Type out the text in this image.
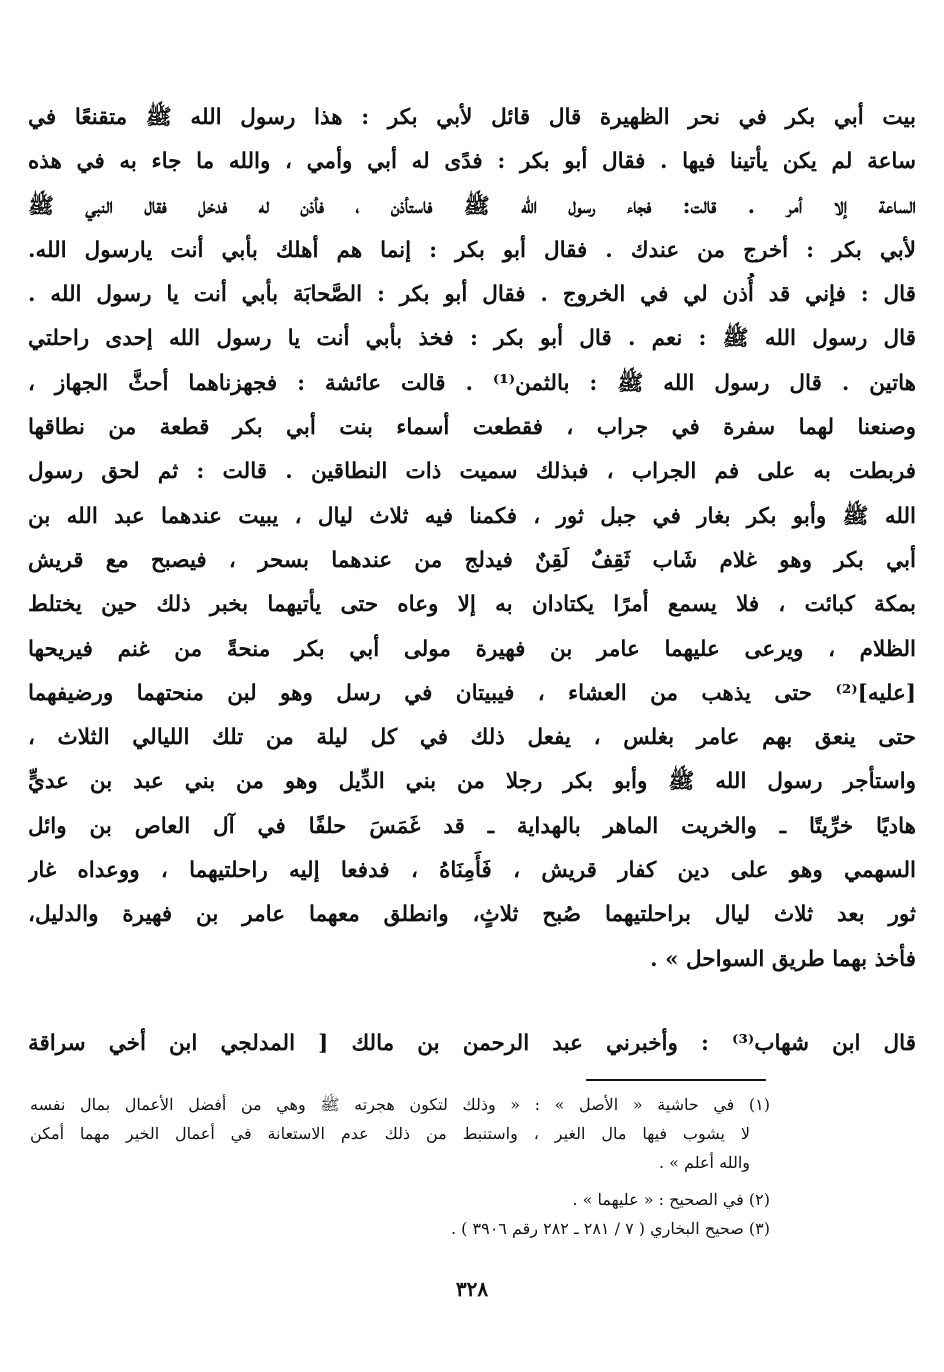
بيت أبي بكر في نحر الظهيرة قال قائل لأبي بكر : هذا رسول الله ﷺ متقنعًا في
ساعة لم يكن يأتينا فيها . فقال أبو بكر : فدًى له أبي وأمي ، والله ما جاء به في هذه
الساعة إلا أمر . قالت: فجاء رسول الله ﷺ فاستأذن ، فأذن له فدخل فقال النبي ﷺ
لأبي بكر : أخرج من عندك . فقال أبو بكر : إنما هم أهلك بأبي أنت يارسول الله.
قال : فإني قد أُذن لي في الخروج . فقال أبو بكر : الصَّحابَة بأبي أنت يا رسول الله .
قال رسول الله ﷺ : نعم . قال أبو بكر : فخذ بأبي أنت يا رسول الله إحدى راحلتي
هاتين . قال رسول الله ﷺ : بالثمن⁽¹⁾ . قالت عائشة : فجهزناهما أحثَّ الجهاز ،
وصنعنا لهما سفرة في جراب ، فقطعت أسماء بنت أبي بكر قطعة من نطاقها
فربطت به على فم الجراب ، فبذلك سميت ذات النطاقين . قالت : ثم لحق رسول
الله ﷺ وأبو بكر بغار في جبل ثور ، فكمنا فيه ثلاث ليال ، يبيت عندهما عبد الله بن
أبي بكر وهو غلام شَاب ثَقِفٌ لَقِنٌ فيدلج من عندهما بسحر ، فيصبح مع قريش
بمكة كبائت ، فلا يسمع أمرًا يكتادان به إلا وعاه حتى يأتيهما بخبر ذلك حين يختلط
الظلام ، ويرعى عليهما عامر بن فهيرة مولى أبي بكر منحةً من غنم فيريحها
[عليه]⁽²⁾ حتى يذهب من العشاء ، فيبيتان في رسل وهو لبن منحتهما ورضيفهما
حتى ينعق بهم عامر بغلس ، يفعل ذلك في كل ليلة من تلك الليالي الثلاث ،
واستأجر رسول الله ﷺ وأبو بكر رجلا من بني الدِّيل وهو من بني عبد بن عديٍّ
هاديًا خرِّيتًا ـ والخريت الماهر بالهداية ـ قد غَمَسَ حلفًا في آل العاص بن وائل
السهمي وهو على دين كفار قريش ، فَأَمِنَاهُ ، فدفعا إليه راحلتيهما ، ووعداه غار
ثور بعد ثلاث ليال براحلتيهما صُبح ثلاثٍ، وانطلق معهما عامر بن فهيرة والدليل،
فأخذ بهما طريق السواحل » .
قال ابن شهاب⁽³⁾ : وأخبرني عبد الرحمن بن مالك [ المدلجي ابن أخي سراقة
(١) في حاشية « الأصل » : « وذلك لتكون هجرته ﷺ وهي من أفضل الأعمال بمال نفسه
لا يشوب فيها مال الغير ، واستنبط من ذلك عدم الاستعانة في أعمال الخير مهما أمكن
والله أعلم » .
(٢) في الصحيح : « عليهما » .
(٣) صحيح البخاري ( ٧ / ٢٨١ ـ ٢٨٢ رقم ٣٩٠٦ ) .
٣٢٨
